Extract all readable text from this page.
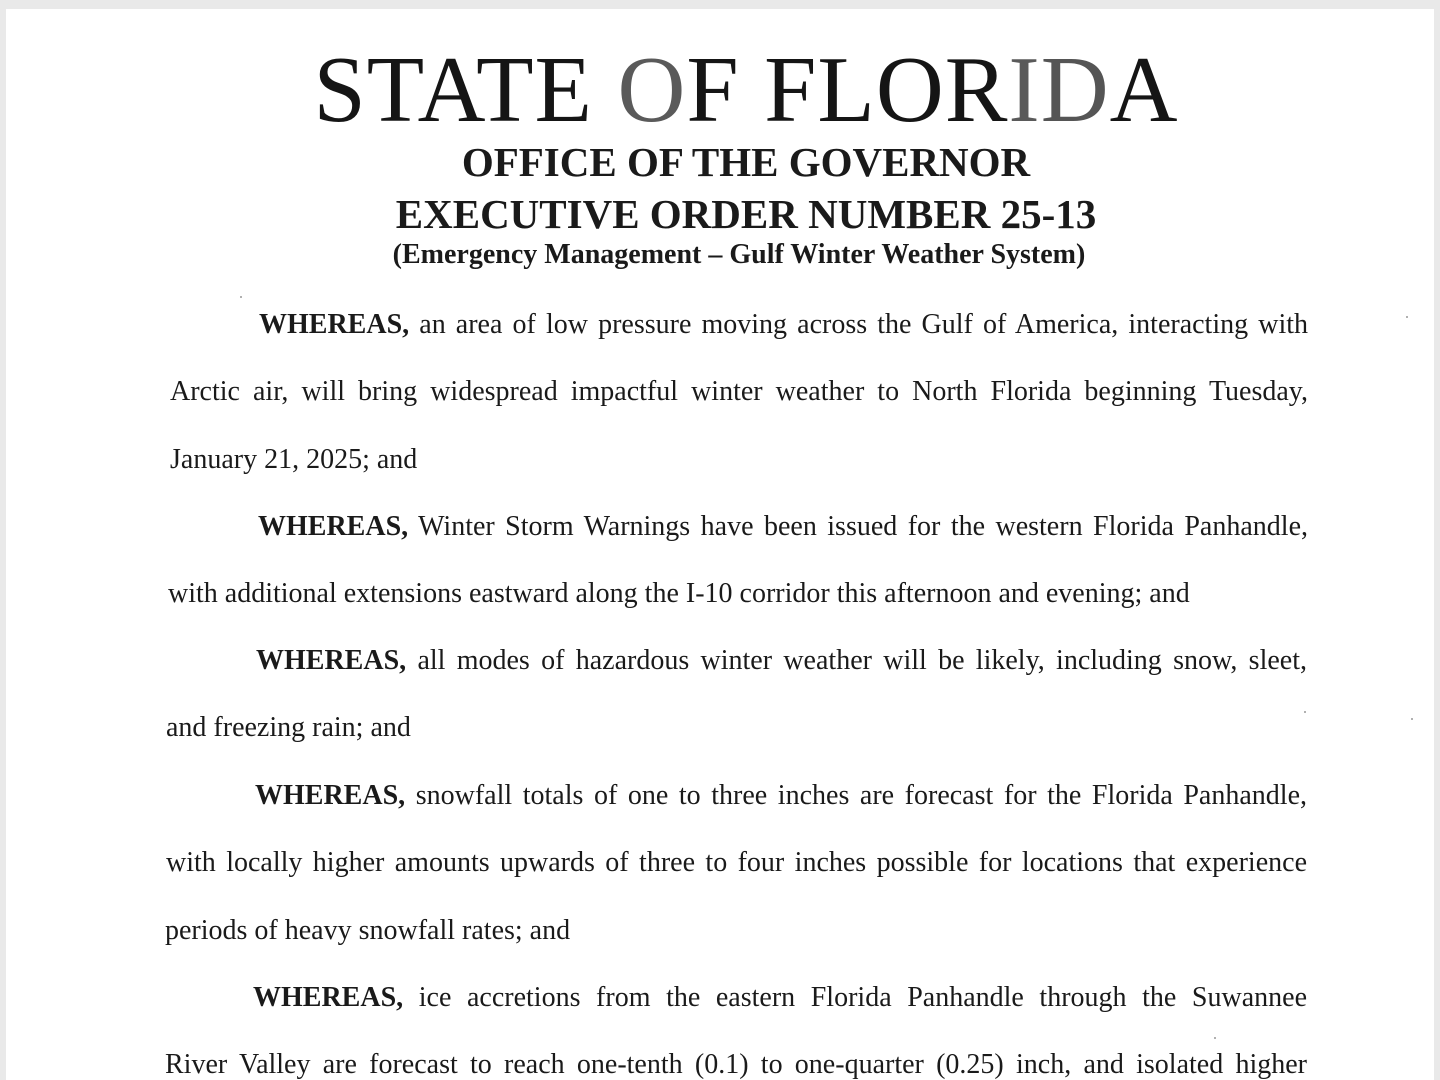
STATE OF FLORIDA
OFFICE OF THE GOVERNOR
EXECUTIVE ORDER NUMBER 25-13
(Emergency Management – Gulf Winter Weather System)
WHEREAS, an area of low pressure moving across the Gulf of America, interacting with
Arctic air, will bring widespread impactful winter weather to North Florida beginning Tuesday,
January 21, 2025; and
WHEREAS, Winter Storm Warnings have been issued for the western Florida Panhandle,
with additional extensions eastward along the I-10 corridor this afternoon and evening; and
WHEREAS, all modes of hazardous winter weather will be likely, including snow, sleet,
and freezing rain; and
WHEREAS, snowfall totals of one to three inches are forecast for the Florida Panhandle,
with locally higher amounts upwards of three to four inches possible for locations that experience
periods of heavy snowfall rates; and
WHEREAS, ice accretions from the eastern Florida Panhandle through the Suwannee
River Valley are forecast to reach one-tenth (0.1) to one-quarter (0.25) inch, and isolated higher
